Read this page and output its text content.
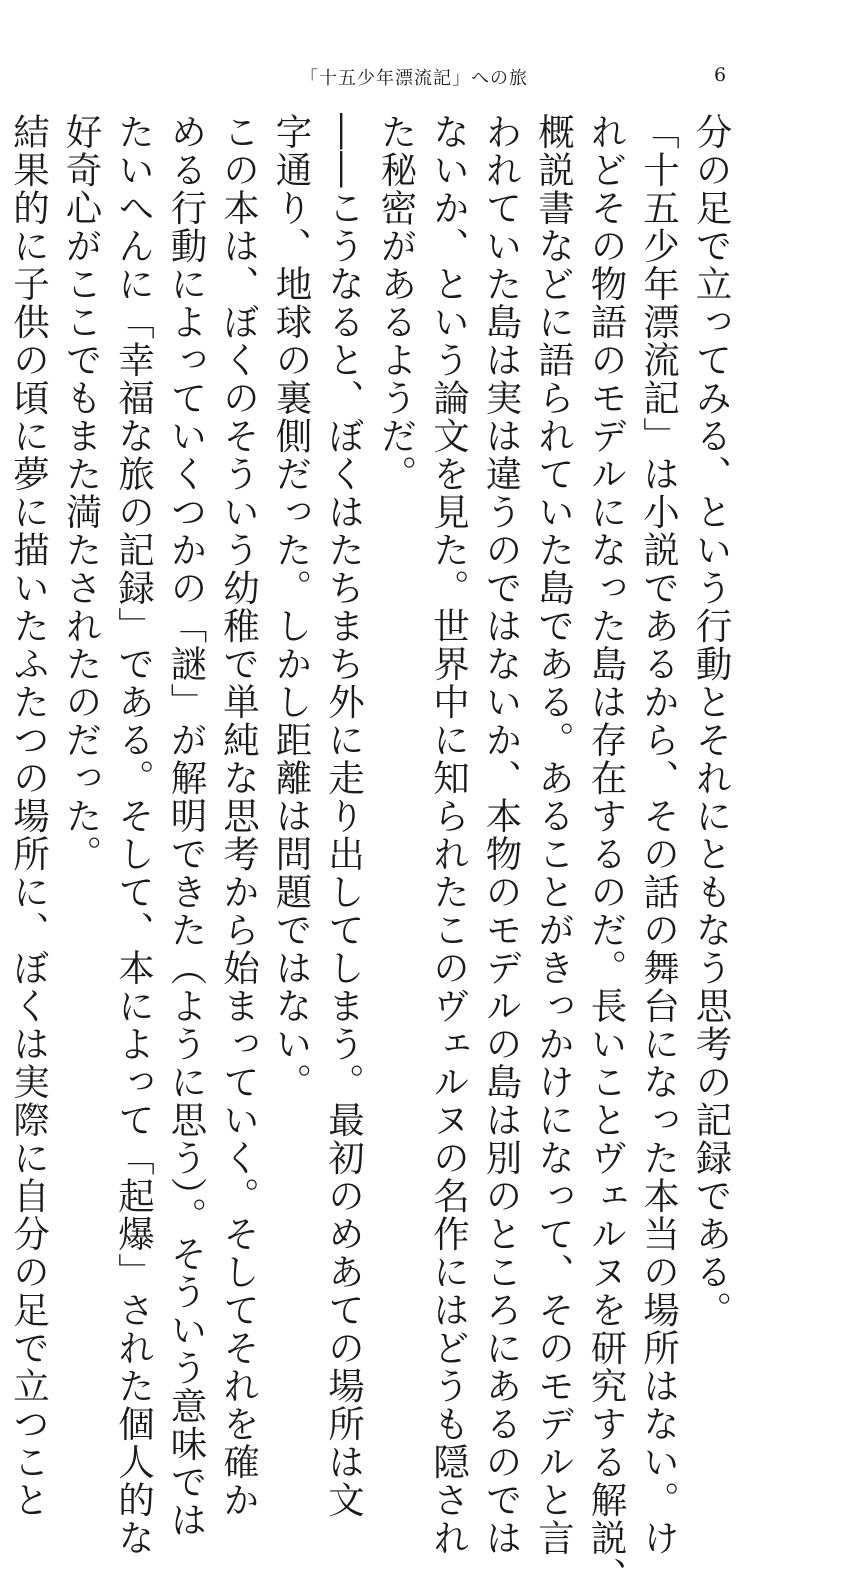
「十五少年漂流記」への旅	6
分の足で立ってみる、という行動とそれにともなう思考の記録である。
「十五少年漂流記」は小説であるから、その話の舞台になった本当の場所はない。け
れどその物語のモデルになった島は存在するのだ。長いことヴェルヌを研究する解説、
概説書などに語られていた島である。あることがきっかけになって、そのモデルと言
われていた島は実は違うのではないか、本物のモデルの島は別のところにあるのでは
ないか、という論文を見た。世界中に知られたこのヴェルヌの名作にはどうも隠され
た秘密があるようだ。
――こうなると、ぼくはたちまち外に走り出してしまう。最初のめあての場所は文
字通り、地球の裏側だった。しかし距離は問題ではない。
この本は、ぼくのそういう幼稚で単純な思考から始まっていく。そしてそれを確か
める行動によっていくつかの「謎」が解明できた（ように思う）。そういう意味では
たいへんに「幸福な旅の記録」である。そして、本によって「起爆」された個人的な
好奇心がここでもまた満たされたのだった。
結果的に子供の頃に夢に描いたふたつの場所に、ぼくは実際に自分の足で立つこと
